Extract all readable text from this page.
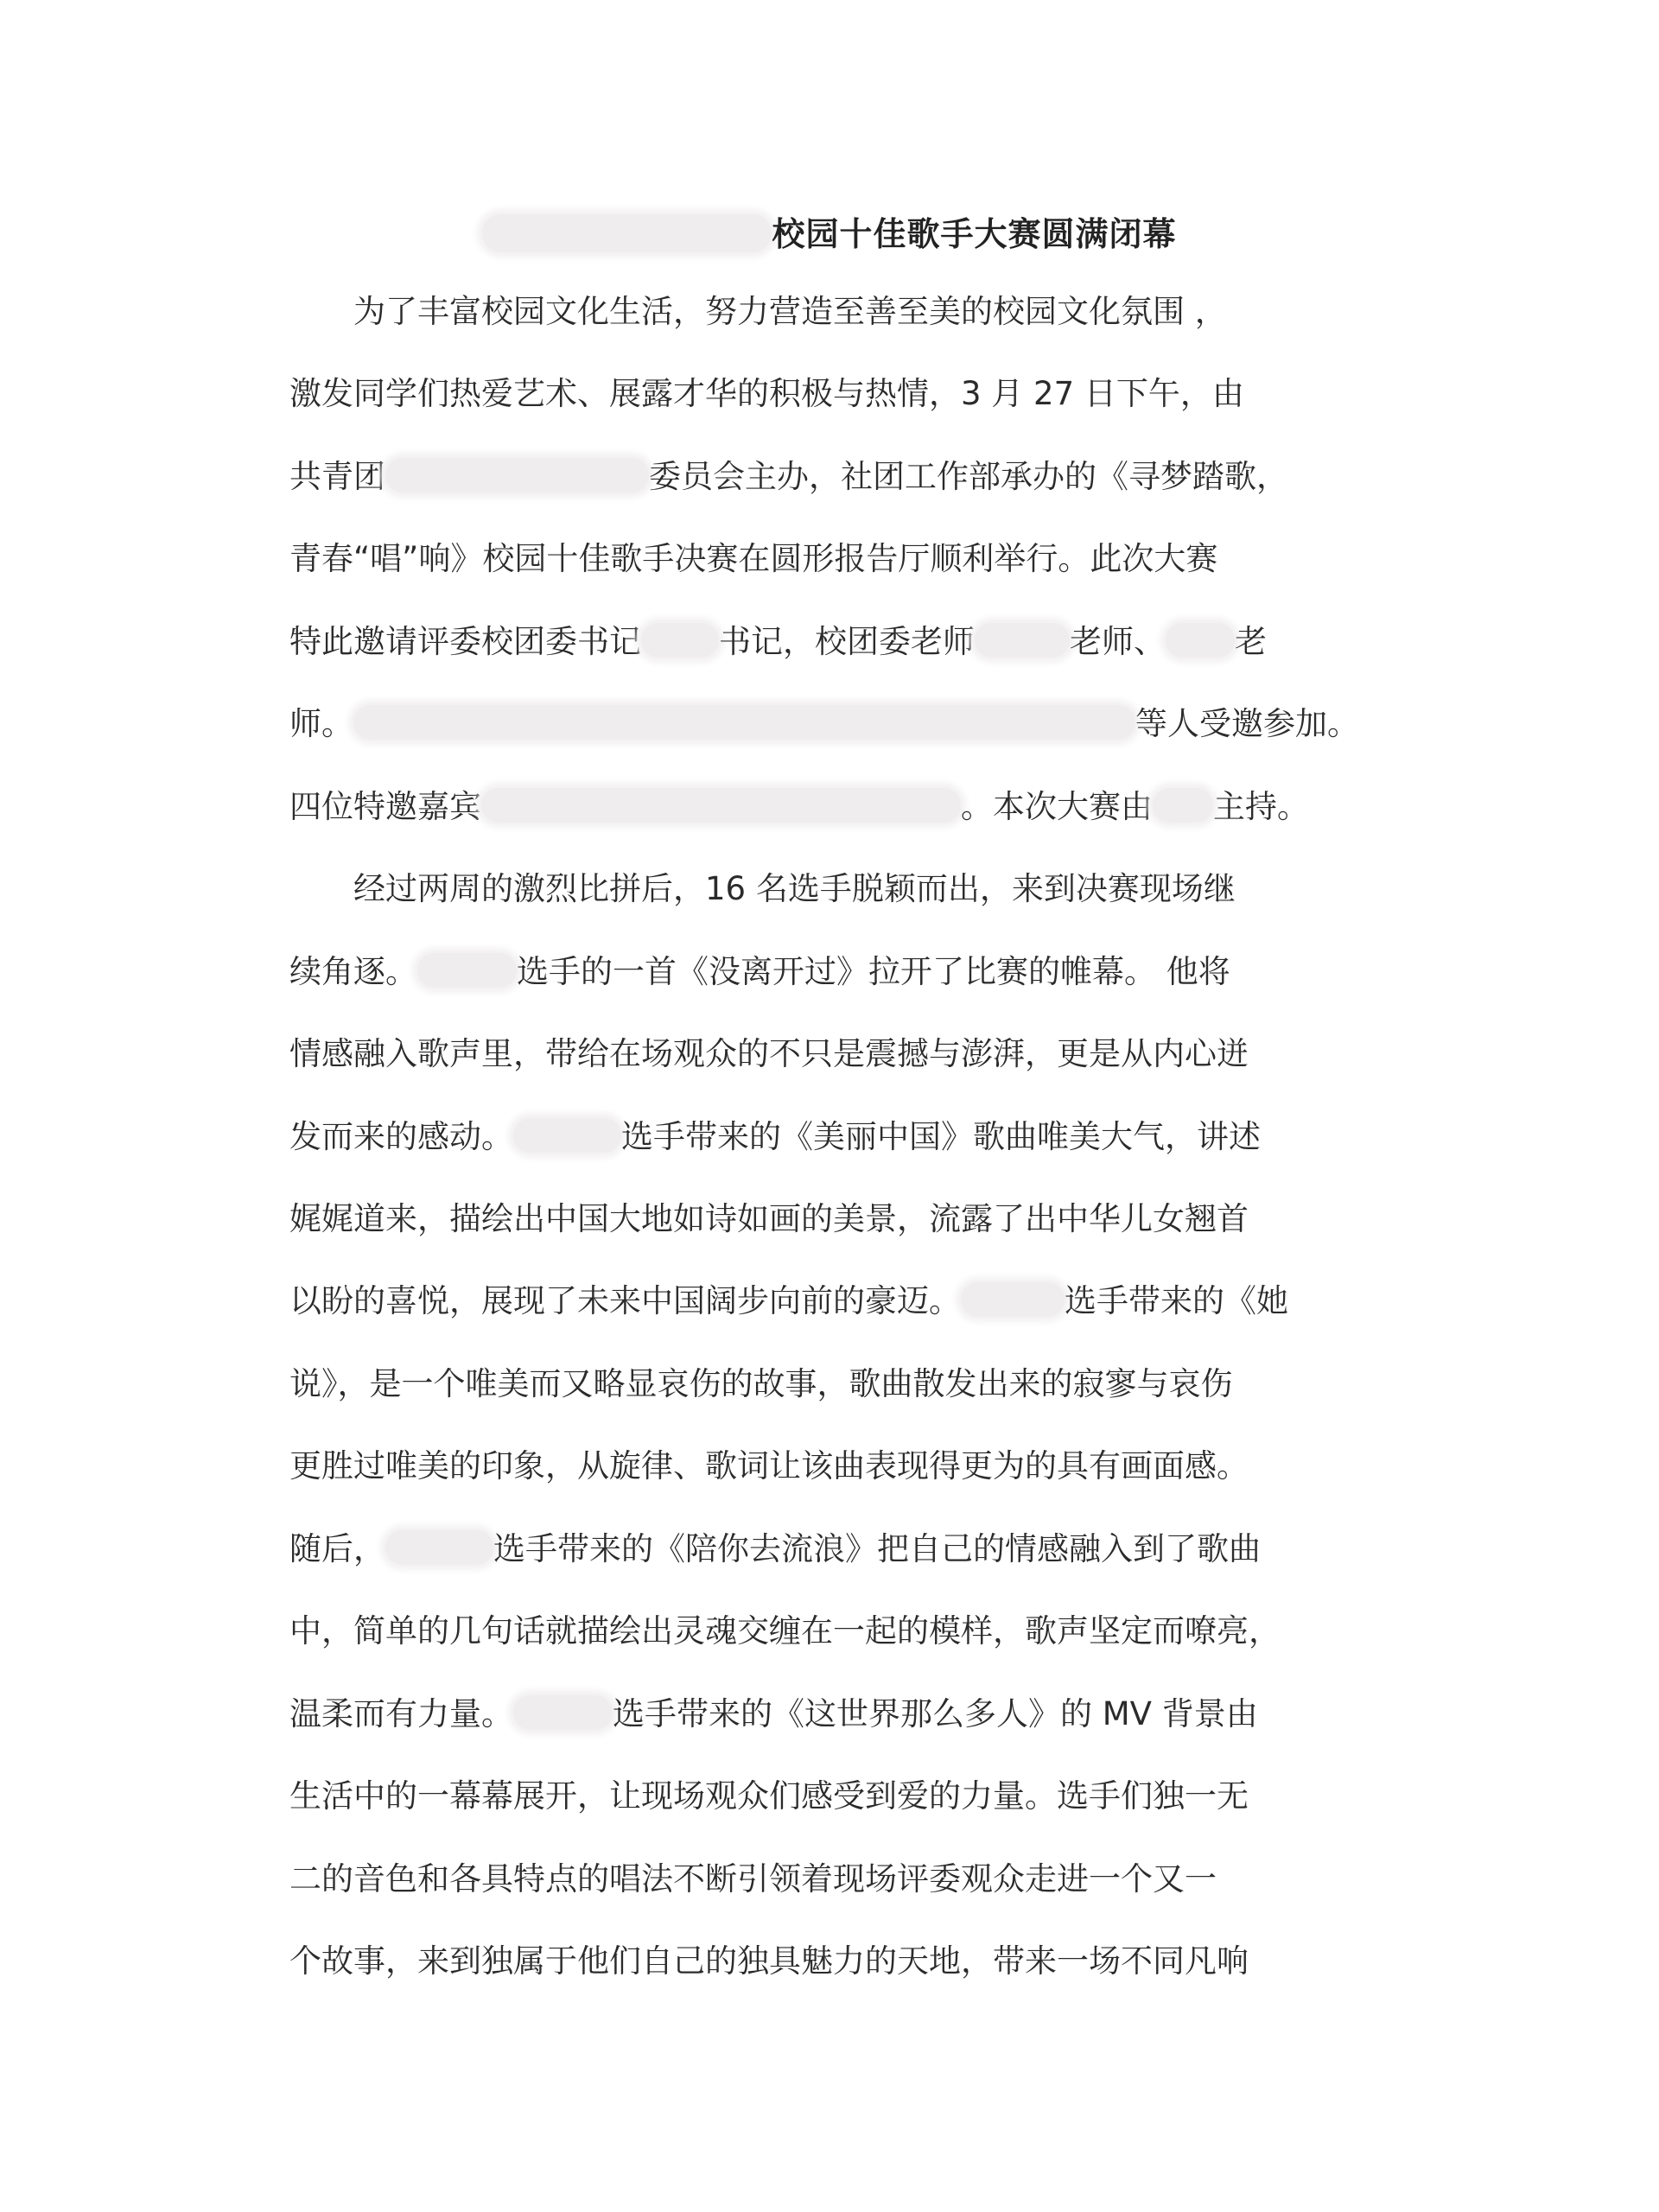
校园十佳歌手大赛圆满闭幕
　　为了丰富校园文化生活，努力营造至善至美的校园文化氛围 ，
激发同学们热爱艺术、展露才华的积极与热情，3 月 27 日下午，由
共青团	委员会主办，社团工作部承办的《寻梦踏歌，
青春“唱”响》校园十佳歌手决赛在圆形报告厅顺利举行。此次大赛
特此邀请评委校团委书记 书记，校团委老师	老师、 老
师。	等人受邀参加。
四位特邀嘉宾	。本次大赛由 主持。
　　经过两周的激烈比拼后，16 名选手脱颖而出，来到决赛现场继
续角逐。	选手的一首《没离开过》拉开了比赛的帷幕。 他将
情感融入歌声里，带给在场观众的不只是震撼与澎湃，更是从内心迸
发而来的感动。	选手带来的《美丽中国》歌曲唯美大气，讲述
娓娓道来，描绘出中国大地如诗如画的美景，流露了出中华儿女翘首
以盼的喜悦，展现了未来中国阔步向前的豪迈。	选手带来的《她
说》，是一个唯美而又略显哀伤的故事，歌曲散发出来的寂寥与哀伤
更胜过唯美的印象，从旋律、歌词让该曲表现得更为的具有画面感。
随后，	选手带来的《陪你去流浪》把自己的情感融入到了歌曲
中，简单的几句话就描绘出灵魂交缠在一起的模样，歌声坚定而嘹亮，
温柔而有力量。	选手带来的《这世界那么多人》的 MV 背景由
生活中的一幕幕展开，让现场观众们感受到爱的力量。选手们独一无
二的音色和各具特点的唱法不断引领着现场评委观众走进一个又一
个故事，来到独属于他们自己的独具魅力的天地，带来一场不同凡响
